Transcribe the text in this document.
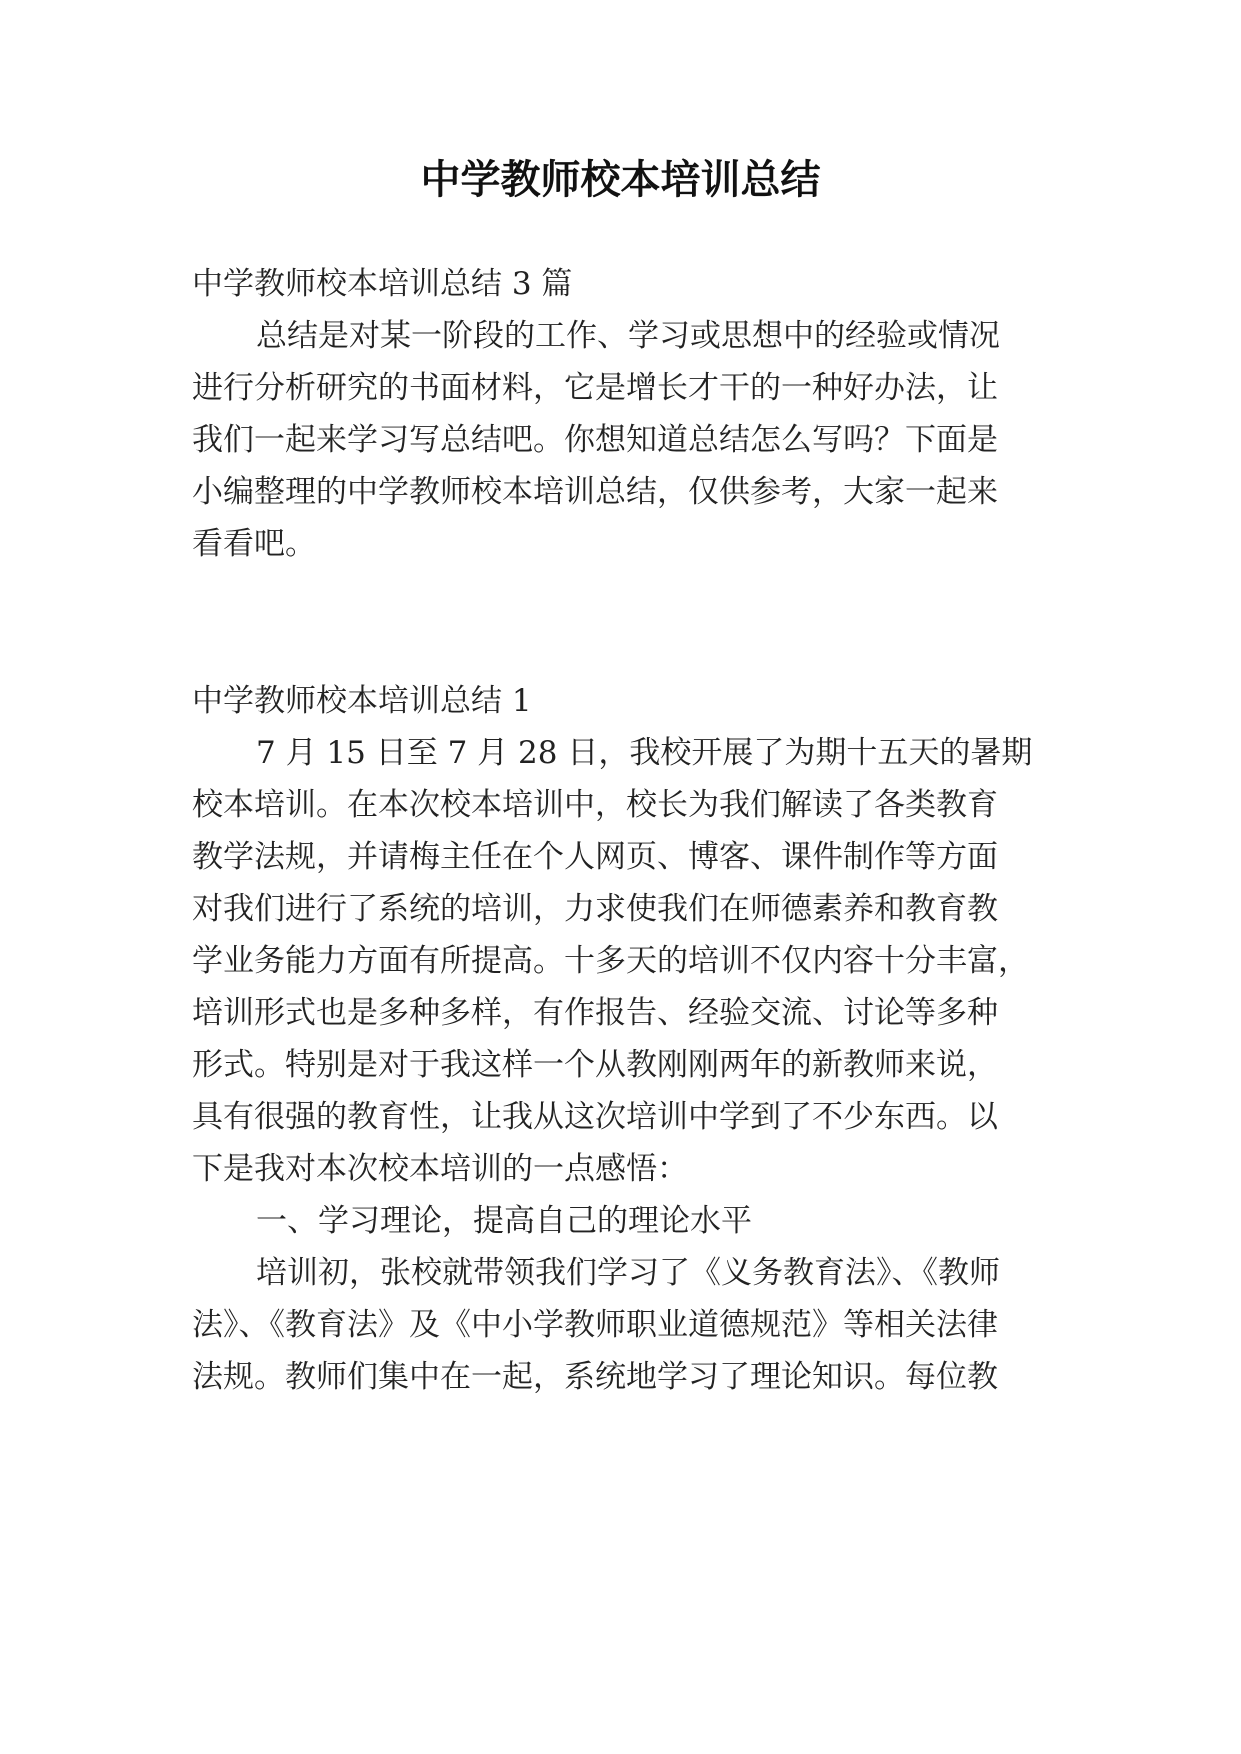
中学教师校本培训总结

中学教师校本培训总结 3 篇

总结是对某一阶段的工作、学习或思想中的经验或情况

进行分析研究的书面材料，它是增长才干的一种好办法，让

我们一起来学习写总结吧。你想知道总结怎么写吗？下面是

小编整理的中学教师校本培训总结，仅供参考，大家一起来

看看吧。

中学教师校本培训总结 1

7 月 15 日至 7 月 28 日，我校开展了为期十五天的暑期

校本培训。在本次校本培训中，校长为我们解读了各类教育

教学法规，并请梅主任在个人网页、博客、课件制作等方面

对我们进行了系统的培训，力求使我们在师德素养和教育教

学业务能力方面有所提高。十多天的培训不仅内容十分丰富，

培训形式也是多种多样，有作报告、经验交流、讨论等多种

形式。特别是对于我这样一个从教刚刚两年的新教师来说，

具有很强的教育性，让我从这次培训中学到了不少东西。以

下是我对本次校本培训的一点感悟：

一、学习理论，提高自己的理论水平

培训初，张校就带领我们学习了《义务教育法》、《教师

法》、《教育法》及《中小学教师职业道德规范》等相关法律

法规。教师们集中在一起，系统地学习了理论知识。每位教
